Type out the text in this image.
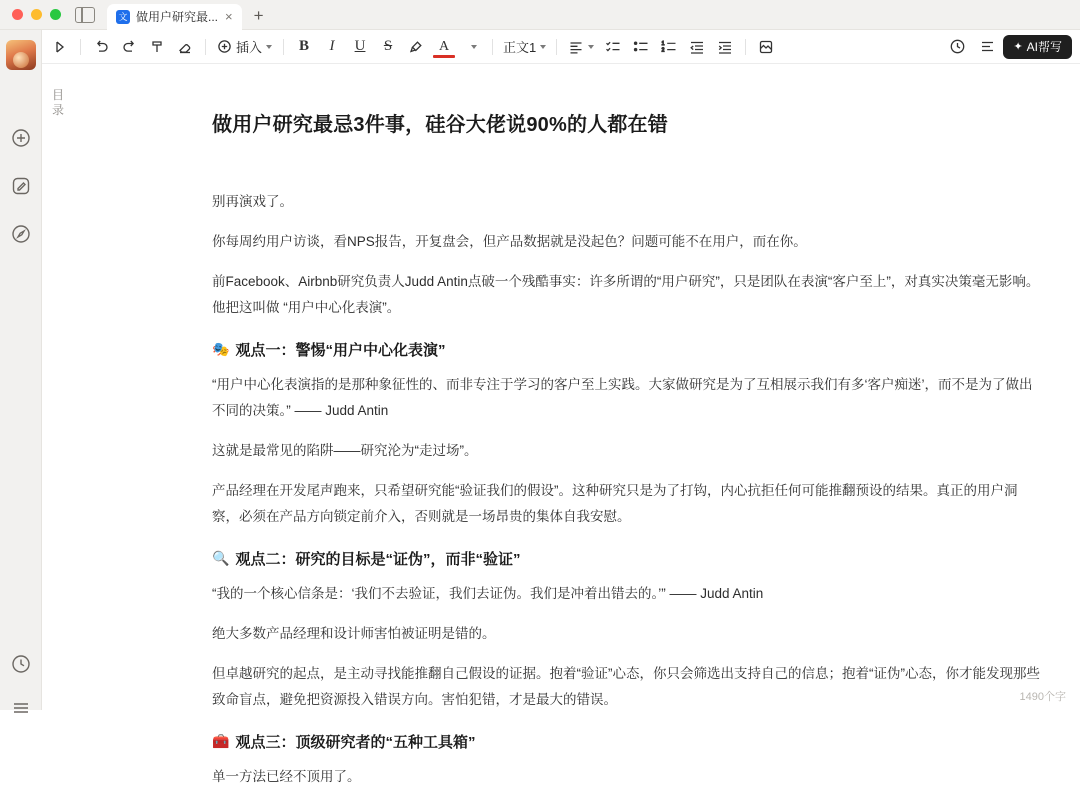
文 做用户研究最... × +
插入	B	I	U	S	A	正文1	1
2	✦ AI帮写
目录
做用户研究最忌3件事，硅谷大佬说90%的人都在错

别再演戏了。

你每周约用户访谈，看NPS报告，开复盘会，但产品数据就是没起色？问题可能不在用户，而在你。

前Facebook、Airbnb研究负责人Judd Antin点破一个残酷事实：许多所谓的“用户研究”，只是团队在表演“客户至上”，对真实决策毫无影响。他把这叫做 “用户中心化表演”。

🎭 观点一：警惕“用户中心化表演”

“用户中心化表演指的是那种象征性的、而非专注于学习的客户至上实践。大家做研究是为了互相展示我们有多‘客户痴迷’，而不是为了做出不同的决策。” —— Judd Antin

这就是最常见的陷阱——研究沦为“走过场”。

产品经理在开发尾声跑来，只希望研究能“验证我们的假设”。这种研究只是为了打钩，内心抗拒任何可能推翻预设的结果。真正的用户洞察，必须在产品方向锁定前介入，否则就是一场昂贵的集体自我安慰。

🔍 观点二：研究的目标是“证伪”，而非“验证”

“我的一个核心信条是：‘我们不去验证，我们去证伪。我们是冲着出错去的。’” —— Judd Antin

绝大多数产品经理和设计师害怕被证明是错的。

但卓越研究的起点，是主动寻找能推翻自己假设的证据。抱着“验证”心态，你只会筛选出支持自己的信息；抱着“证伪”心态，你才能发现那些致命盲点，避免把资源投入错误方向。害怕犯错，才是最大的错误。

🧰 观点三：顶级研究者的“五种工具箱”

单一方法已经不顶用了。

1490个字
